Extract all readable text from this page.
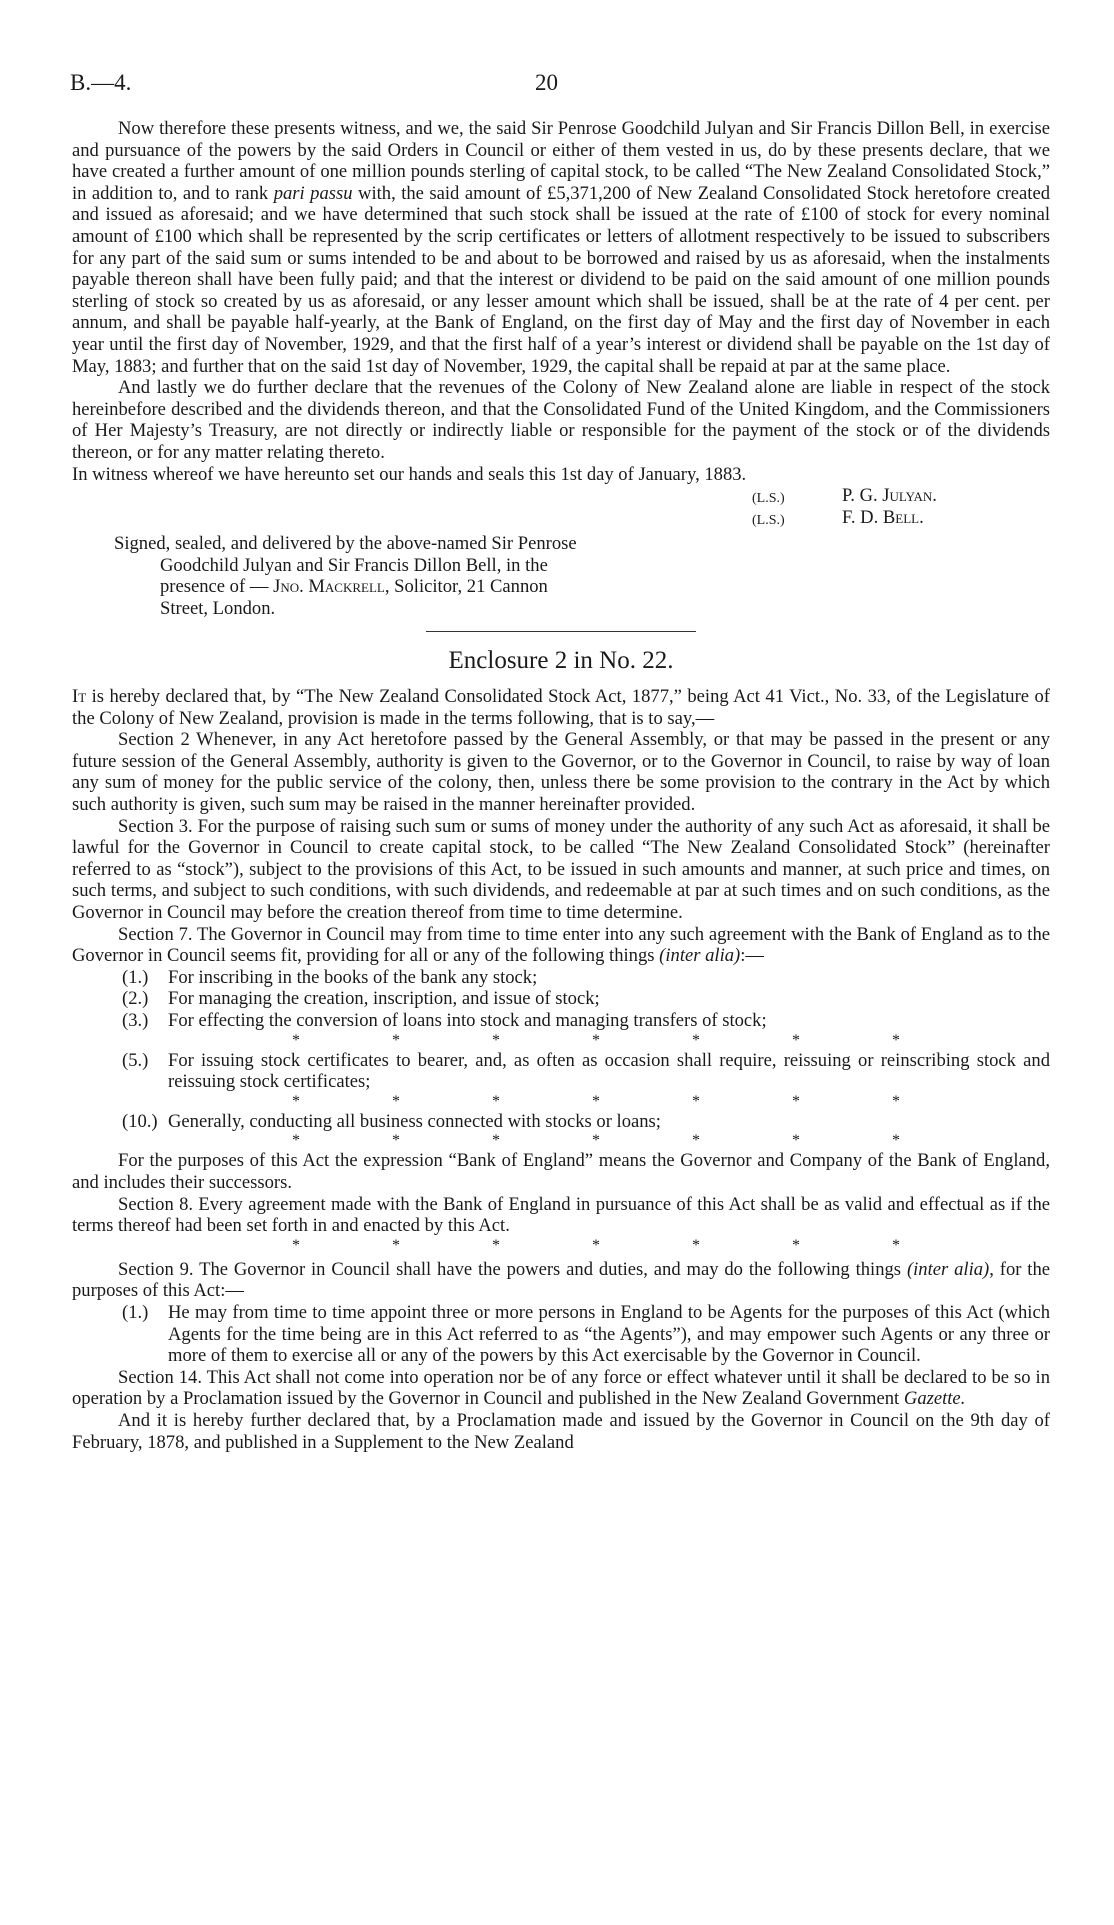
B.—4.	20

Now therefore these presents witness, and we, the said Sir Penrose Goodchild Julyan and Sir Francis Dillon Bell, in exercise and pursuance of the powers by the said Orders in Council or either of them vested in us, do by these presents declare, that we have created a further amount of one million pounds sterling of capital stock, to be called “The New Zealand Consolidated Stock,” in addition to, and to rank pari passu with, the said amount of £5,371,200 of New Zealand Consolidated Stock heretofore created and issued as aforesaid; and we have determined that such stock shall be issued at the rate of £100 of stock for every nominal amount of £100 which shall be represented by the scrip certificates or letters of allotment respectively to be issued to subscribers for any part of the said sum or sums intended to be and about to be borrowed and raised by us as aforesaid, when the instalments payable thereon shall have been fully paid; and that the interest or dividend to be paid on the said amount of one million pounds sterling of stock so created by us as aforesaid, or any lesser amount which shall be issued, shall be at the rate of 4 per cent. per annum, and shall be payable half-yearly, at the Bank of England, on the first day of May and the first day of November in each year until the first day of November, 1929, and that the first half of a year’s interest or dividend shall be payable on the 1st day of May, 1883; and further that on the said 1st day of November, 1929, the capital shall be repaid at par at the same place.

And lastly we do further declare that the revenues of the Colony of New Zealand alone are liable in respect of the stock hereinbefore described and the dividends thereon, and that the Consolidated Fund of the United Kingdom, and the Commissioners of Her Majesty’s Treasury, are not directly or indirectly liable or responsible for the payment of the stock or of the dividends thereon, or for any matter relating thereto.

In witness whereof we have hereunto set our hands and seals this 1st day of January, 1883.

(L.S.)	P. G. Julyan.
(L.S.)	F. D. Bell.
Signed, sealed, and delivered by the above-named Sir Penrose
Goodchild Julyan and Sir Francis Dillon Bell, in the
presence of — Jno. Mackrell, Solicitor, 21 Cannon
Street, London.
Enclosure 2 in No. 22.

It is hereby declared that, by “The New Zealand Consolidated Stock Act, 1877,” being Act 41 Vict., No. 33, of the Legislature of the Colony of New Zealand, provision is made in the terms following, that is to say,—

Section 2 Whenever, in any Act heretofore passed by the General Assembly, or that may be passed in the present or any future session of the General Assembly, authority is given to the Governor, or to the Governor in Council, to raise by way of loan any sum of money for the public service of the colony, then, unless there be some provision to the contrary in the Act by which such authority is given, such sum may be raised in the manner hereinafter provided.

Section 3. For the purpose of raising such sum or sums of money under the authority of any such Act as aforesaid, it shall be lawful for the Governor in Council to create capital stock, to be called “The New Zealand Consolidated Stock” (hereinafter referred to as “stock”), subject to the provisions of this Act, to be issued in such amounts and manner, at such price and times, on such terms, and subject to such conditions, with such dividends, and redeemable at par at such times and on such conditions, as the Governor in Council may before the creation thereof from time to time determine.

Section 7. The Governor in Council may from time to time enter into any such agreement with the Bank of England as to the Governor in Council seems fit, providing for all or any of the following things (inter alia):—

(1.) For inscribing in the books of the bank any stock;

(2.) For managing the creation, inscription, and issue of stock;

(3.) For effecting the conversion of loans into stock and managing transfers of stock;

*	*	*	*	*	*	*

(5.) For issuing stock certificates to bearer, and, as often as occasion shall require, reissuing or reinscribing stock and reissuing stock certificates;

*	*	*	*	*	*	*

(10.) Generally, conducting all business connected with stocks or loans;

*	*	*	*	*	*	*

For the purposes of this Act the expression “Bank of England” means the Governor and Company of the Bank of England, and includes their successors.

Section 8. Every agreement made with the Bank of England in pursuance of this Act shall be as valid and effectual as if the terms thereof had been set forth in and enacted by this Act.

*	*	*	*	*	*	*

Section 9. The Governor in Council shall have the powers and duties, and may do the following things (inter alia), for the purposes of this Act:—

(1.) He may from time to time appoint three or more persons in England to be Agents for the purposes of this Act (which Agents for the time being are in this Act referred to as “the Agents”), and may empower such Agents or any three or more of them to exercise all or any of the powers by this Act exercisable by the Governor in Council.

Section 14. This Act shall not come into operation nor be of any force or effect whatever until it shall be declared to be so in operation by a Proclamation issued by the Governor in Council and published in the New Zealand Government Gazette.

And it is hereby further declared that, by a Proclamation made and issued by the Governor in Council on the 9th day of February, 1878, and published in a Supplement to the New Zealand
